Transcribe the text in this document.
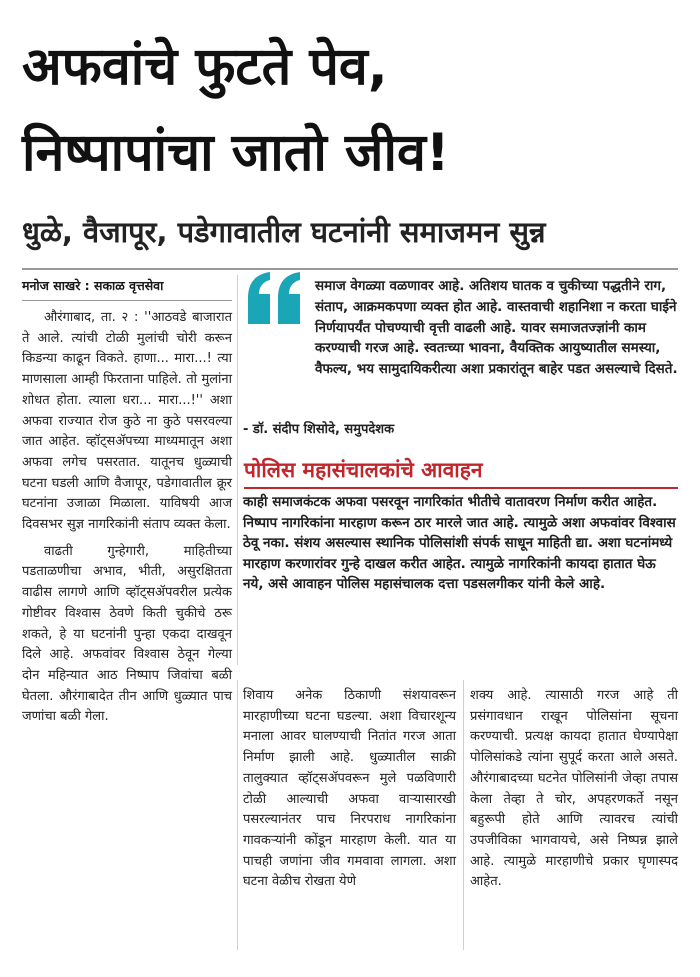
अफवांचे फुटते पेव,
निष्पापांचा जातो जीव!
धुळे, वैजापूर, पडेगावातील घटनांनी समाजमन सुन्न
मनोज साखरे : सकाळ वृत्तसेवा

औरंगाबाद, ता. २ : ''आठवडे बाजारात ते आले. त्यांची टोळी मुलांची चोरी करून किडन्या काढून विकते. हाणा... मारा...! त्या माणसाला आम्ही फिरताना पाहिले. तो मुलांना शोधत होता. त्याला धरा... मारा...!'' अशा अफवा राज्यात रोज कुठे ना कुठे पसरवल्या जात आहेत. व्हॉट्सॲपच्या माध्यमातून अशा अफवा लगेच पसरतात. यातूनच धुळ्याची घटना घडली आणि वैजापूर, पडेगावातील क्रूर घटनांना उजाळा मिळाला. याविषयी आज दिवसभर सुज्ञ नागरिकांनी संताप व्यक्त केला.

वाढती गुन्हेगारी, माहितीच्या पडताळणीचा अभाव, भीती, असुरक्षितता वाढीस लागणे आणि व्हॉट्सॲपवरील प्रत्येक गोष्टीवर विश्वास ठेवणे किती चुकीचे ठरू शकते, हे या घटनांनी पुन्हा एकदा दाखवून दिले आहे. अफवांवर विश्वास ठेवून गेल्या दोन महिन्यात आठ निष्पाप जिवांचा बळी घेतला. औरंगाबादेत तीन आणि धुळ्यात पाच जणांचा बळी गेला.

समाज वेगळ्या वळणावर आहे. अतिशय घातक व चुकीच्या पद्धतीने राग, संताप, आक्रमकपणा व्यक्त होत आहे. वास्तवाची शहानिशा न करता घाईने निर्णयापर्यंत पोचण्याची वृत्ती वाढली आहे. यावर समाजतज्ज्ञांनी काम करण्याची गरज आहे. स्वतःच्या भावना, वैयक्तिक आयुष्यातील समस्या, वैफल्य, भय सामुदायिकरीत्या अशा प्रकारांतून बाहेर पडत असल्याचे दिसते.
- डॉ. संदीप शिसोदे, समुपदेशक
पोलिस महासंचालकांचे आवाहन
काही समाजकंटक अफवा पसरवून नागरिकांत भीतीचे वातावरण निर्माण करीत आहेत. निष्पाप नागरिकांना मारहाण करून ठार मारले जात आहे. त्यामुळे अशा अफवांवर विश्वास ठेवू नका. संशय असल्यास स्थानिक पोलिसांशी संपर्क साधून माहिती द्या. अशा घटनांमध्ये मारहाण करणारांवर गुन्हे दाखल करीत आहेत. त्यामुळे नागरिकांनी कायदा हातात घेऊ नये, असे आवाहन पोलिस महासंचालक दत्ता पडसलगीकर यांनी केले आहे.

शिवाय अनेक ठिकाणी संशयावरून मारहाणीच्या घटना घडल्या. अशा विचारशून्य मनाला आवर घालण्याची नितांत गरज आता निर्माण झाली आहे. धुळ्यातील साक्री तालुक्यात व्हॉट्सॲपवरून मुले पळविणारी टोळी आल्याची अफवा वाऱ्यासारखी पसरल्यानंतर पाच निरपराध नागरिकांना गावकऱ्यांनी कोंडून मारहाण केली. यात या पाचही जणांना जीव गमवावा लागला. अशा घटना वेळीच रोखता येणे

शक्य आहे. त्यासाठी गरज आहे ती प्रसंगावधान राखून पोलिसांना सूचना करण्याची. प्रत्यक्ष कायदा हातात घेण्यापेक्षा पोलिसांकडे त्यांना सुपूर्द करता आले असते. औरंगाबादच्या घटनेत पोलिसांनी जेव्हा तपास केला तेव्हा ते चोर, अपहरणकर्ते नसून बहुरूपी होते आणि त्यावरच त्यांची उपजीविका भागवायचे, असे निष्पन्न झाले आहे. त्यामुळे मारहाणीचे प्रकार घृणास्पद आहेत.
